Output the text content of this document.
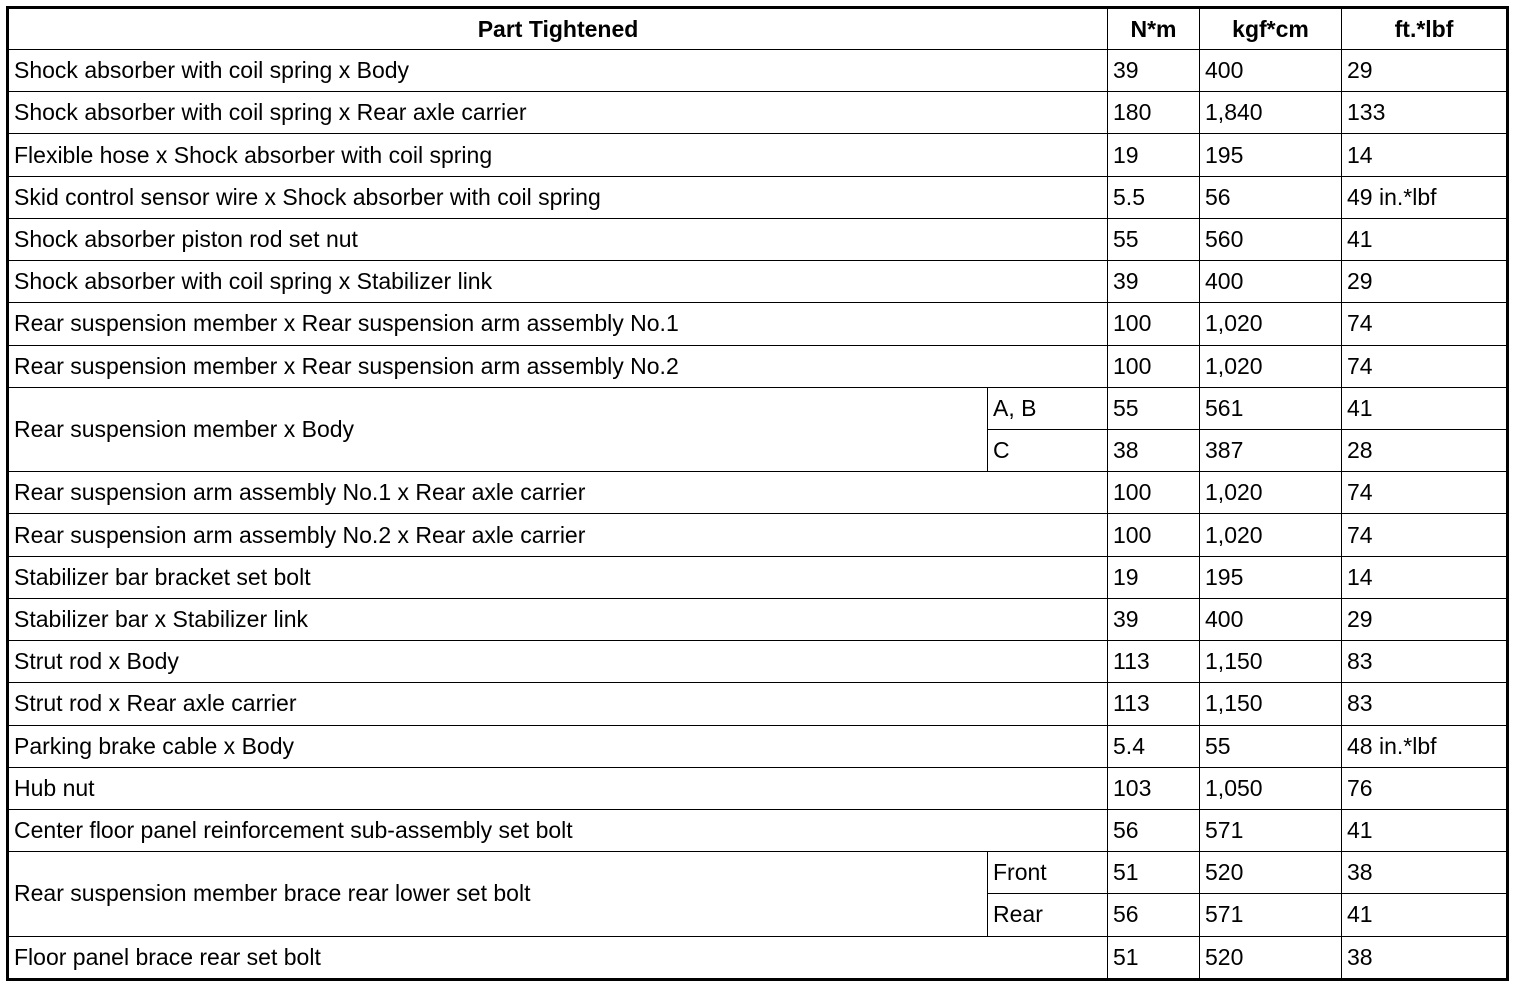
Part Tightened		N*m	kgf*cm	ft.*lbf
Shock absorber with coil spring x Body		39	400	29
Shock absorber with coil spring x Rear axle carrier		180	1,840	133
Flexible hose x Shock absorber with coil spring		19	195	14
Skid control sensor wire x Shock absorber with coil spring		5.5	56	49 in.*lbf
Shock absorber piston rod set nut		55	560	41
Shock absorber with coil spring x Stabilizer link		39	400	29
Rear suspension member x Rear suspension arm assembly No.1		100	1,020	74
Rear suspension member x Rear suspension arm assembly No.2		100	1,020	74
Rear suspension member x Body	A, B	55	561	41
	C	38	387	28
Rear suspension arm assembly No.1 x Rear axle carrier		100	1,020	74
Rear suspension arm assembly No.2 x Rear axle carrier		100	1,020	74
Stabilizer bar bracket set bolt		19	195	14
Stabilizer bar x Stabilizer link		39	400	29
Strut rod x Body		113	1,150	83
Strut rod x Rear axle carrier		113	1,150	83
Parking brake cable x Body		5.4	55	48 in.*lbf
Hub nut		103	1,050	76
Center floor panel reinforcement sub-assembly set bolt		56	571	41
Rear suspension member brace rear lower set bolt	Front	51	520	38
	Rear	56	571	41
Floor panel brace rear set bolt		51	520	38
